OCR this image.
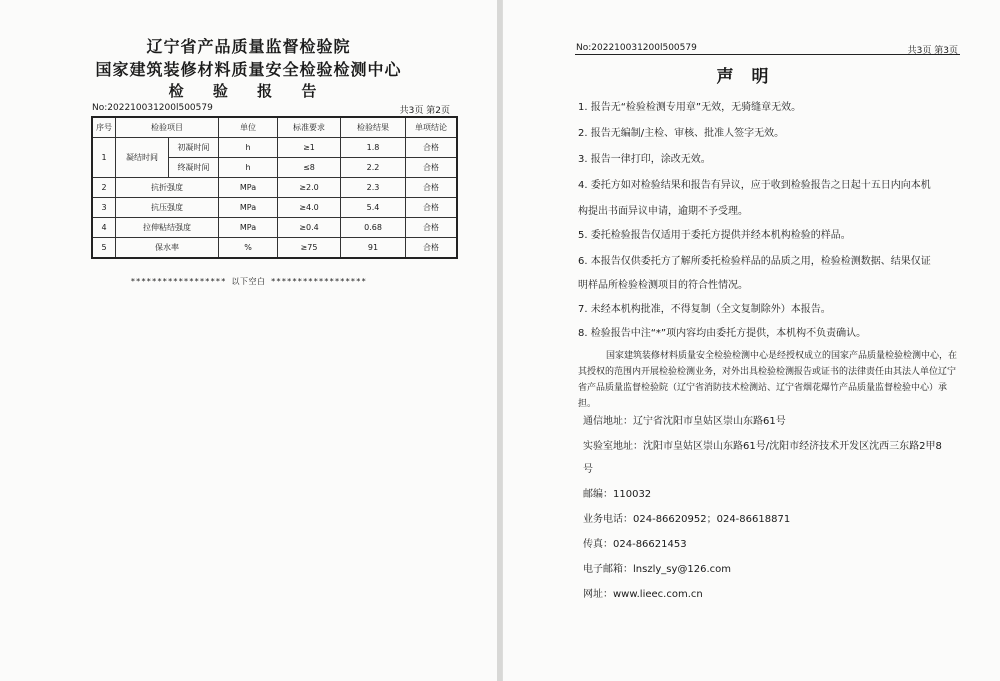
辽宁省产品质量监督检验院
国家建筑装修材料质量安全检验检测中心
检 验 报 告
No:202210031200l500579	共3页 第2页
序号	检验项目		单位	标准要求	检验结果	单项结论
1	凝结时间	初凝时间	h	≥1	1.8	合格
		终凝时间	h	≤8	2.2	合格
2	抗折强度		MPa	≥2.0	2.3	合格
3	抗压强度		MPa	≥4.0	5.4	合格
4	拉伸粘结强度		MPa	≥0.4	0.68	合格
5	保水率		%	≥75	91	合格
****************** 以下空白 ******************
No:202210031200l500579	共3页 第3页
声明
1. 报告无“检验检测专用章”无效，无骑缝章无效。
2. 报告无编制/主检、审核、批准人签字无效。
3. 报告一律打印，涂改无效。
4. 委托方如对检验结果和报告有异议，应于收到检验报告之日起十五日内向本机
构提出书面异议申请，逾期不予受理。
5. 委托检验报告仅适用于委托方提供并经本机构检验的样品。
6. 本报告仅供委托方了解所委托检验样品的品质之用，检验检测数据、结果仅证
明样品所检验检测项目的符合性情况。
7. 未经本机构批准，不得复制（全文复制除外）本报告。
8. 检验报告中注“*”项内容均由委托方提供，本机构不负责确认。
国家建筑装修材料质量安全检验检测中心是经授权成立的国家产品质量检验检测中心，在其授权的范围内开展检验检测业务，对外出具检验检测报告或证书的法律责任由其法人单位辽宁省产品质量监督检验院（辽宁省消防技术检测站、辽宁省烟花爆竹产品质量监督检验中心）承担。
通信地址：辽宁省沈阳市皇姑区崇山东路61号
实验室地址：沈阳市皇姑区崇山东路61号/沈阳市经济技术开发区沈西三东路2甲8
号
邮编：110032
业务电话：024-86620952；024-86618871
传真：024-86621453
电子邮箱：lnszly_sy@126.com
网址：www.lieec.com.cn
